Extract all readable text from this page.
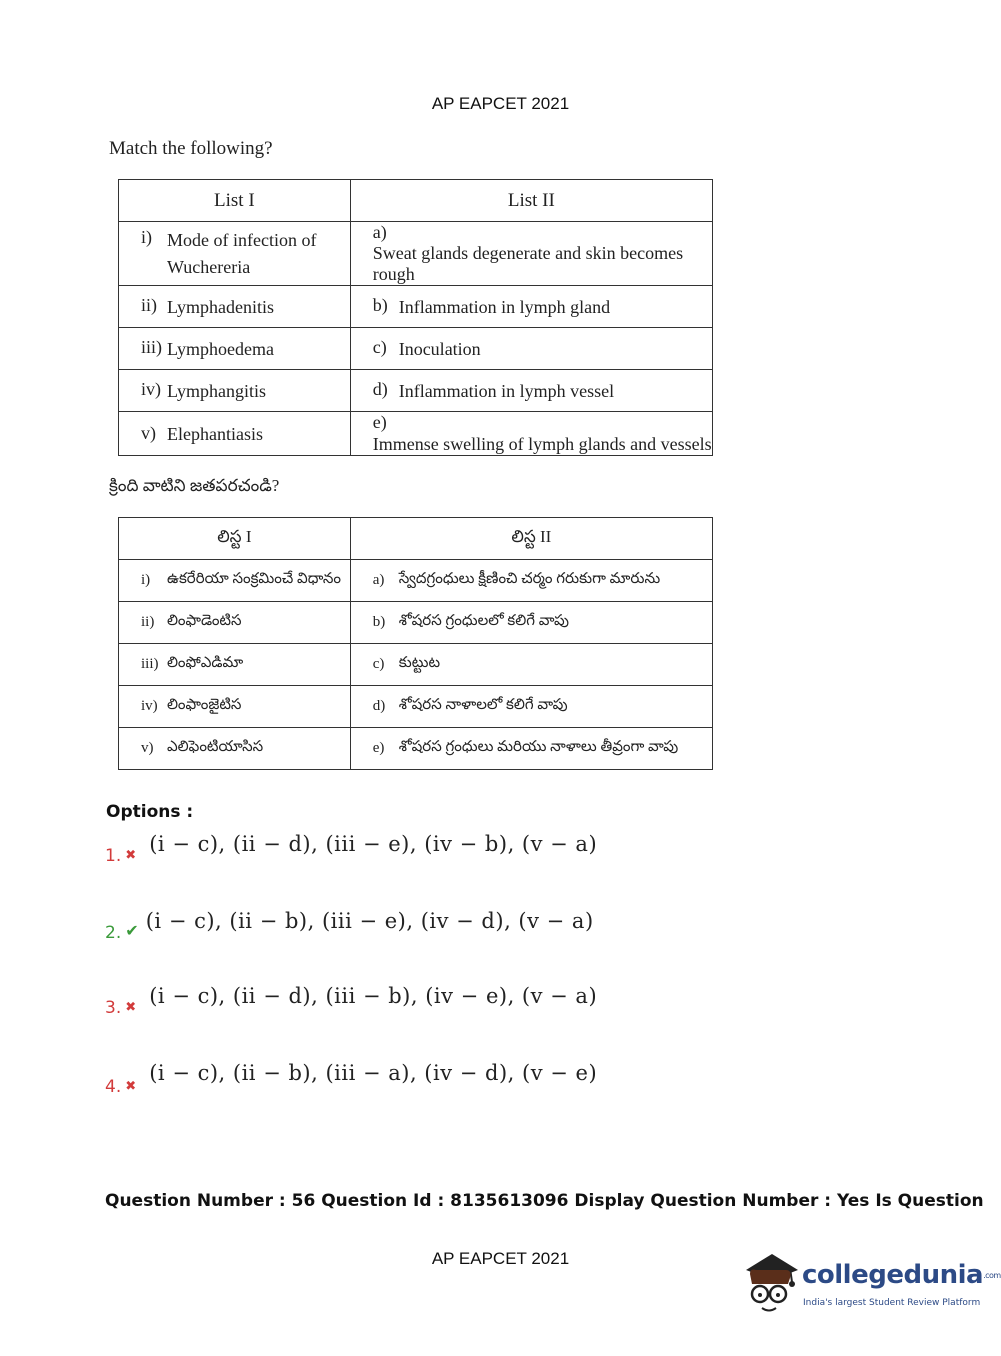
AP EAPCET 2021
Match the following?
List I	List II
i) Mode of infection of
Wuchereria	a)Sweat glands degenerate and skin becomes rough
ii) Lymphadenitis	b) Inflammation in lymph gland
iii) Lymphoedema	c) Inoculation
iv) Lymphangitis	d) Inflammation in lymph vessel
v) Elephantiasis	e)Immense swelling of lymph glands and vessels
క్రింది వాటిని జతపరచండి?
లిస్ట I	లిస్ట II
i) ఉకరేరియా సంక్రమించే విధానం	a) స్వేదగ్రంధులు క్షీణించి చర్మం గరుకుగా మారును
ii) లింఫాడెంటిస	b) శోషరస గ్రంధులలో కలిగే వాపు
iii) లింఫోఎడిమా	c) కుట్టుట
iv) లింఫాంజైటిస	d) శోషరస నాళాలలో కలిగే వాపు
v) ఎలిఫెంటియాసిస	e) శోషరస గ్రంధులు మరియు నాళాలు తీవ్రంగా వాపు
Options :
1. $_✖$ (i − c), (ii − d), (iii − e), (iv − b), (v − a)
2. ✔ (i − c), (ii − b), (iii − e), (iv − d), (v − a)
3. $_✖$ (i − c), (ii − d), (iii − b), (iv − e), (v − a)
4. $_✖$ (i − c), (ii − b), (iii − a), (iv − d), (v − e)
Question Number : 56 Question Id : 8135613096 Display Question Number : Yes Is Question
AP EAPCET 2021
collegedunia.com
India's largest Student Review Platform
